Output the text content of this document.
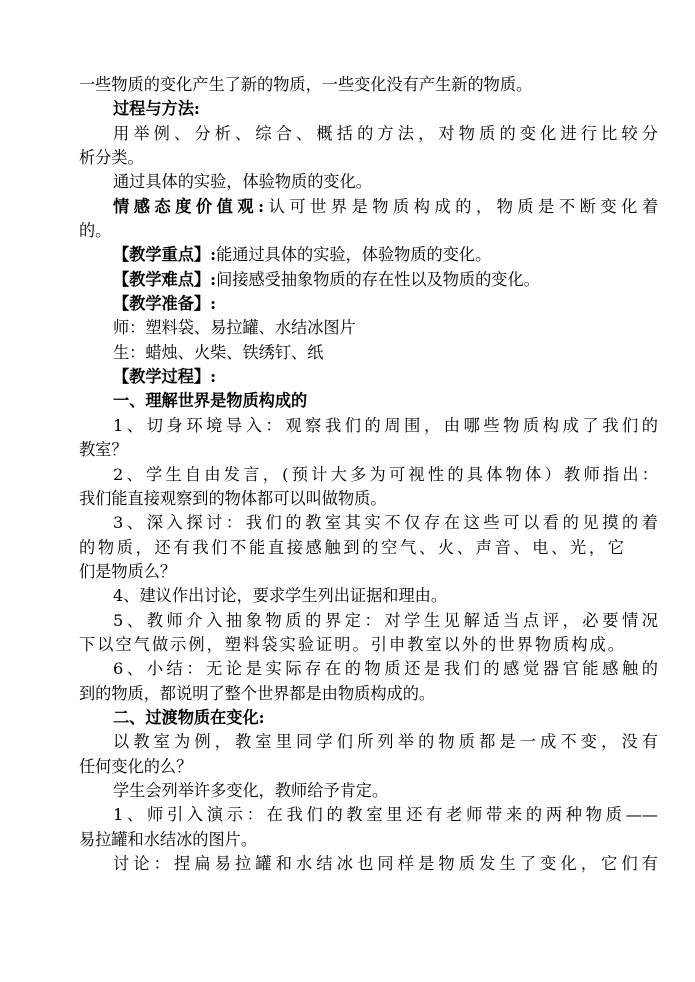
一些物质的变化产生了新的物质，一些变化没有产生新的物质。
过程与方法:
用举例、分析、综合、概括的方法，对物质的变化进行比较分
析分类。
通过具体的实验，体验物质的变化。
情感态度价值观:认可世界是物质构成的，物质是不断变化着
的。
【教学重点】:能通过具体的实验，体验物质的变化。
【教学难点】:间接感受抽象物质的存在性以及物质的变化。
【教学准备】:
师：塑料袋、易拉罐、水结冰图片
生：蜡烛、火柴、铁绣钉、纸
【教学过程】:
一、理解世界是物质构成的
1、切身环境导入：观察我们的周围，由哪些物质构成了我们的
教室？
2、学生自由发言，(预计大多为可视性的具体物体）教师指出：
我们能直接观察到的物体都可以叫做物质。
3、深入探讨：我们的教室其实不仅存在这些可以看的见摸的着
的物质，还有我们不能直接感触到的空气、火、声音、电、光，它
们是物质么？
4、建议作出讨论，要求学生列出证据和理由。
5、教师介入抽象物质的界定：对学生见解适当点评，必要情况
下以空气做示例，塑料袋实验证明。引申教室以外的世界物质构成。
6、小结：无论是实际存在的物质还是我们的感觉器官能感触的
到的物质，都说明了整个世界都是由物质构成的。
二、过渡物质在变化:
以教室为例，教室里同学们所列举的物质都是一成不变，没有
任何变化的么？
学生会列举许多变化，教师给予肯定。
1、师引入演示：在我们的教室里还有老师带来的两种物质——
易拉罐和水结冰的图片。
讨论：捏扁易拉罐和水结冰也同样是物质发生了变化，它们有
